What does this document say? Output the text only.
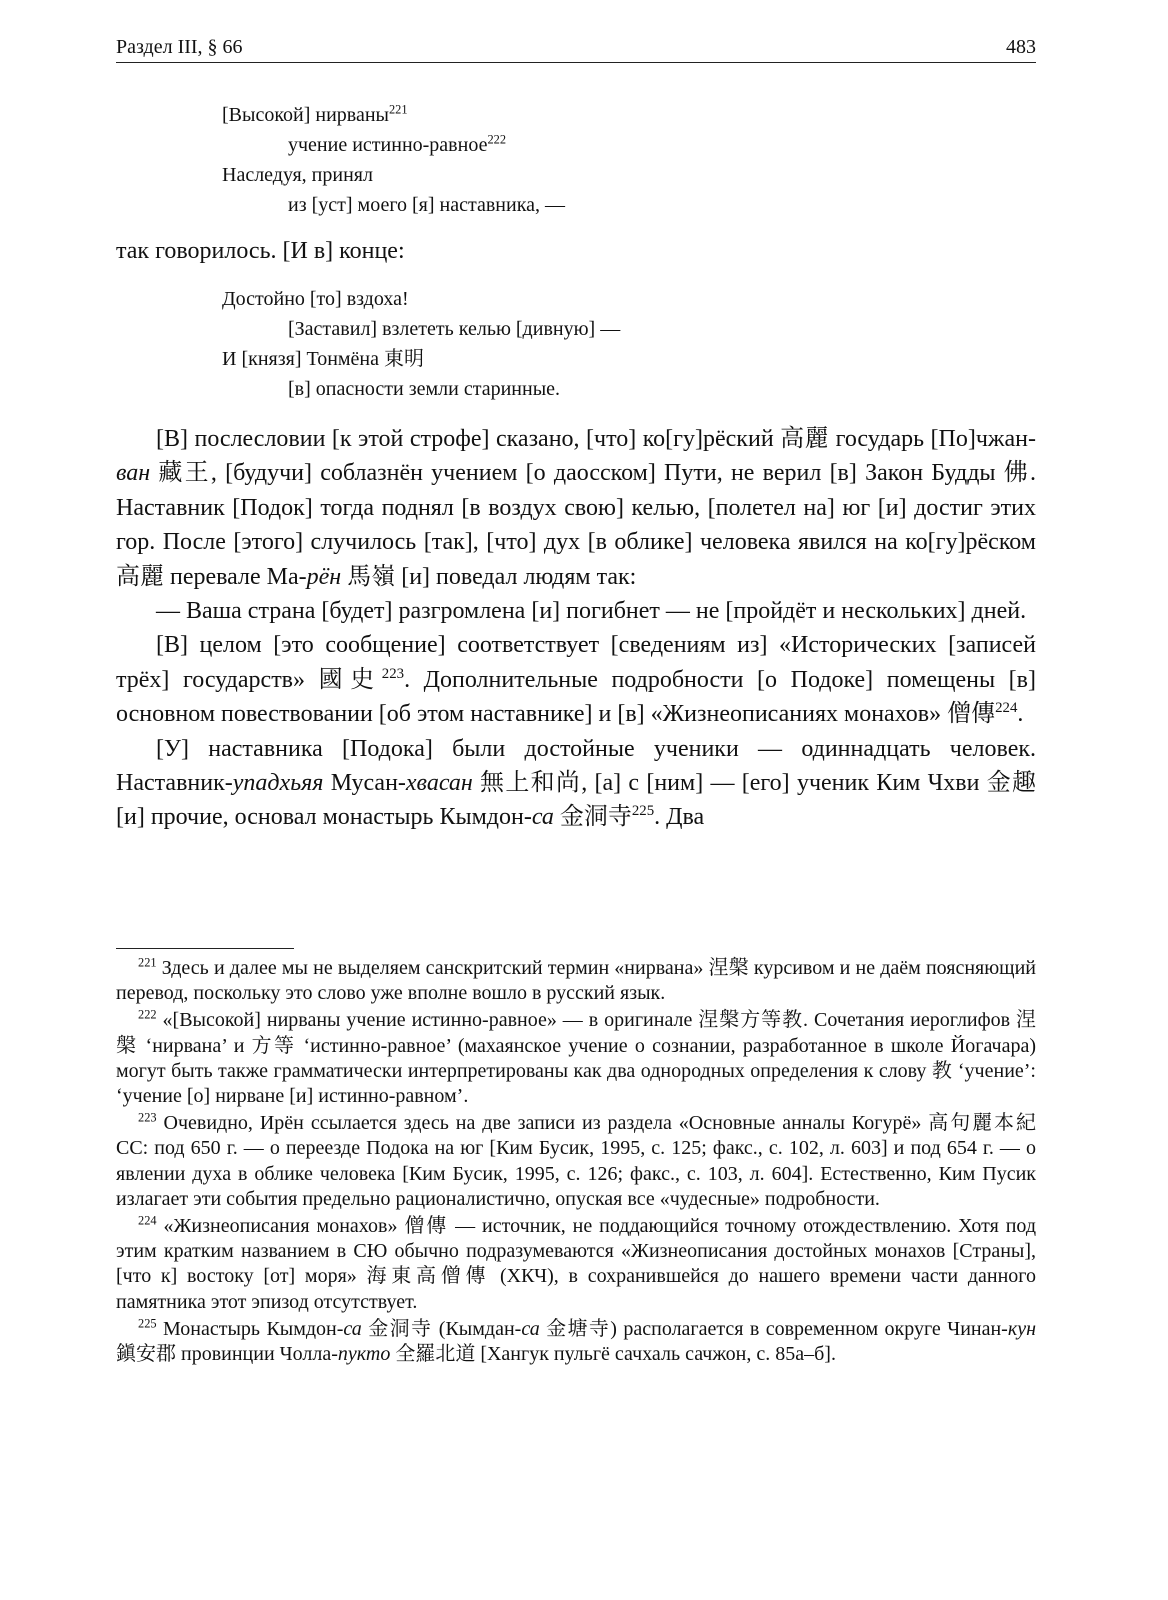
Раздел III, § 66	483
[Высокой] нирваны$^{221}$
учение истинно-равное$^{222}$
Наследуя, принял
из [уст] моего [я] наставника, —
так говорилось. [И в] конце:
Достойно [то] вздоха!
[Заставил] взлететь келью [дивную] —
И [князя] Тонмёна 東明
[в] опасности земли старинные.

[В] послесловии [к этой строфе] сказано, [что] ко[гу]рёский 高麗 государь [По]чжан-ван 藏王, [будучи] соблазнён учением [о даосском] Пути, не верил [в] Закон Будды 佛. Наставник [Подок] тогда поднял [в воздух свою] келью, [полетел на] юг [и] достиг этих гор. После [этого] случилось [так], [что] дух [в облике] человека явился на ко[гу]рёском 高麗 перевале Ма-рён 馬嶺 [и] поведал людям так:

— Ваша страна [будет] разгромлена [и] погибнет — не [пройдёт и нескольких] дней.

[В] целом [это сообщение] соответствует [сведениям из] «Исторических [записей трёх] государств» 國史$^{223}$. Дополнительные подробности [о Подоке] помещены [в] основном повествовании [об этом наставнике] и [в] «Жизнеописаниях монахов» 僧傳$^{224}$.

[У] наставника [Подока] были достойные ученики — одиннадцать человек. Наставник-упадхьяя Мусан-хвасан 無上和尚, [а] с [ним] — [его] ученик Ким Чхви 金趣 [и] прочие, основал монастырь Кымдон-са 金洞寺$^{225}$. Два

$^{221}$ Здесь и далее мы не выделяем санскритский термин «нирвана» 涅槃 курсивом и не даём поясняющий перевод, поскольку это слово уже вполне вошло в русский язык.

$^{222}$ «[Высокой] нирваны учение истинно-равное» — в оригинале 涅槃方等教. Сочетания иероглифов 涅槃 ‘нирвана’ и 方等 ‘истинно-равное’ (махаянское учение о сознании, разработанное в школе Йогачара) могут быть также грамматически интерпретированы как два однородных определения к слову 教 ‘учение’: ‘учение [о] нирване [и] истинно-равном’.

$^{223}$ Очевидно, Ирён ссылается здесь на две записи из раздела «Основные анналы Когурё» 高句麗本紀 СС: под 650 г. — о переезде Подока на юг [Ким Бусик, 1995, с. 125; факс., с. 102, л. 603] и под 654 г. — о явлении духа в облике человека [Ким Бусик, 1995, с. 126; факс., с. 103, л. 604]. Естественно, Ким Пусик излагает эти события предельно рационалистично, опуская все «чудесные» подробности.

$^{224}$ «Жизнеописания монахов» 僧傳 — источник, не поддающийся точному отождествлению. Хотя под этим кратким названием в СЮ обычно подразумеваются «Жизнеописания достойных монахов [Страны], [что к] востоку [от] моря» 海東高僧傳 (ХКЧ), в сохранившейся до нашего времени части данного памятника этот эпизод отсутствует.

$^{225}$ Монастырь Кымдон-са 金洞寺 (Кымдан-са 金塘寺) располагается в современном округе Чинан-кун 鎭安郡 провинции Чолла-пукто 全羅北道 [Хангук пульгё сачхаль сачжон, с. 85а–б].
